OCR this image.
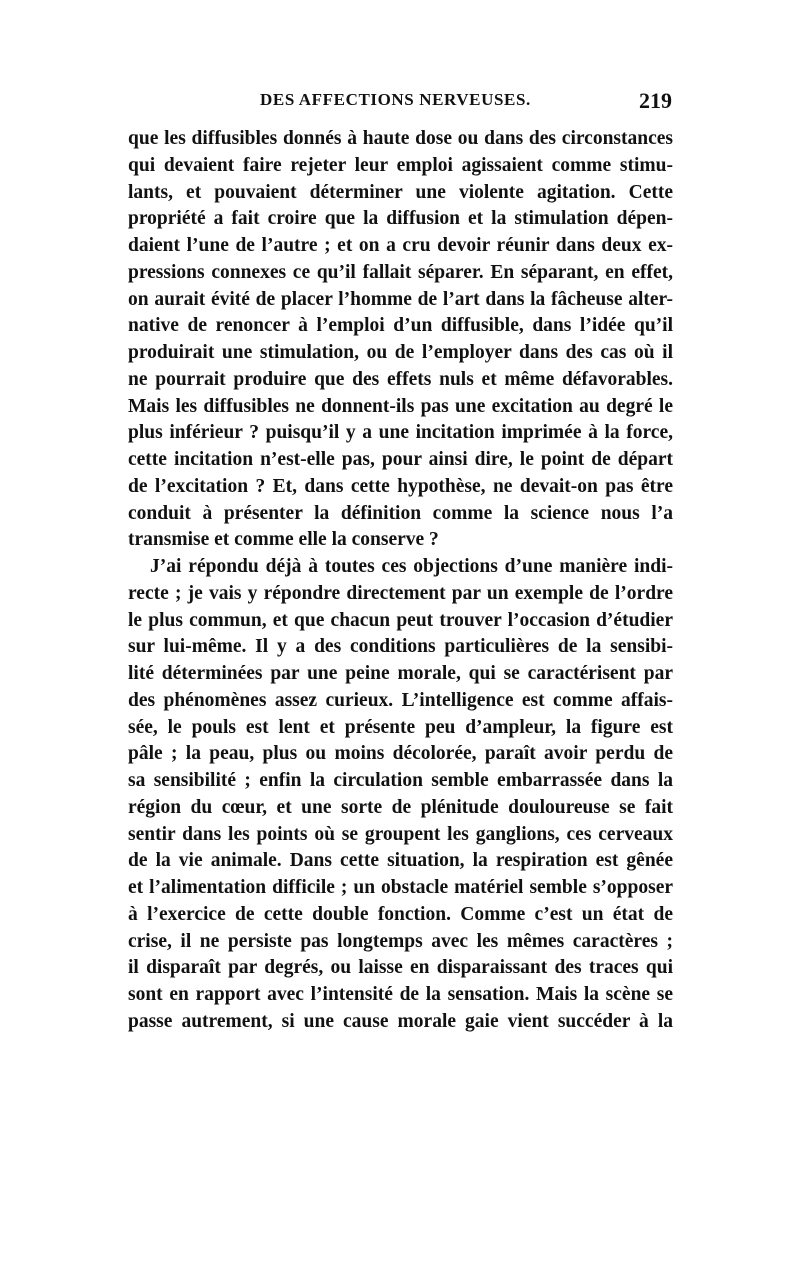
DES AFFECTIONS NERVEUSES.	219
que les diffusibles donnés à haute dose ou dans des circonstances
qui devaient faire rejeter leur emploi agissaient comme stimu-
lants, et pouvaient déterminer une violente agitation. Cette
propriété a fait croire que la diffusion et la stimulation dépen-
daient l’une de l’autre ; et on a cru devoir réunir dans deux ex-
pressions connexes ce qu’il fallait séparer. En séparant, en effet,
on aurait évité de placer l’homme de l’art dans la fâcheuse alter-
native de renoncer à l’emploi d’un diffusible, dans l’idée qu’il
produirait une stimulation, ou de l’employer dans des cas où il
ne pourrait produire que des effets nuls et même défavorables.
Mais les diffusibles ne donnent-ils pas une excitation au degré le
plus inférieur ? puisqu’il y a une incitation imprimée à la force,
cette incitation n’est-elle pas, pour ainsi dire, le point de départ
de l’excitation ? Et, dans cette hypothèse, ne devait-on pas être
conduit à présenter la définition comme la science nous l’a
transmise et comme elle la conserve ?
J’ai répondu déjà à toutes ces objections d’une manière indi-
recte ; je vais y répondre directement par un exemple de l’ordre
le plus commun, et que chacun peut trouver l’occasion d’étudier
sur lui-même. Il y a des conditions particulières de la sensibi-
lité déterminées par une peine morale, qui se caractérisent par
des phénomènes assez curieux. L’intelligence est comme affais-
sée, le pouls est lent et présente peu d’ampleur, la figure est
pâle ; la peau, plus ou moins décolorée, paraît avoir perdu de
sa sensibilité ; enfin la circulation semble embarrassée dans la
région du cœur, et une sorte de plénitude douloureuse se fait
sentir dans les points où se groupent les ganglions, ces cerveaux
de la vie animale. Dans cette situation, la respiration est gênée
et l’alimentation difficile ; un obstacle matériel semble s’opposer
à l’exercice de cette double fonction. Comme c’est un état de
crise, il ne persiste pas longtemps avec les mêmes caractères ;
il disparaît par degrés, ou laisse en disparaissant des traces qui
sont en rapport avec l’intensité de la sensation. Mais la scène se
passe autrement, si une cause morale gaie vient succéder à la
